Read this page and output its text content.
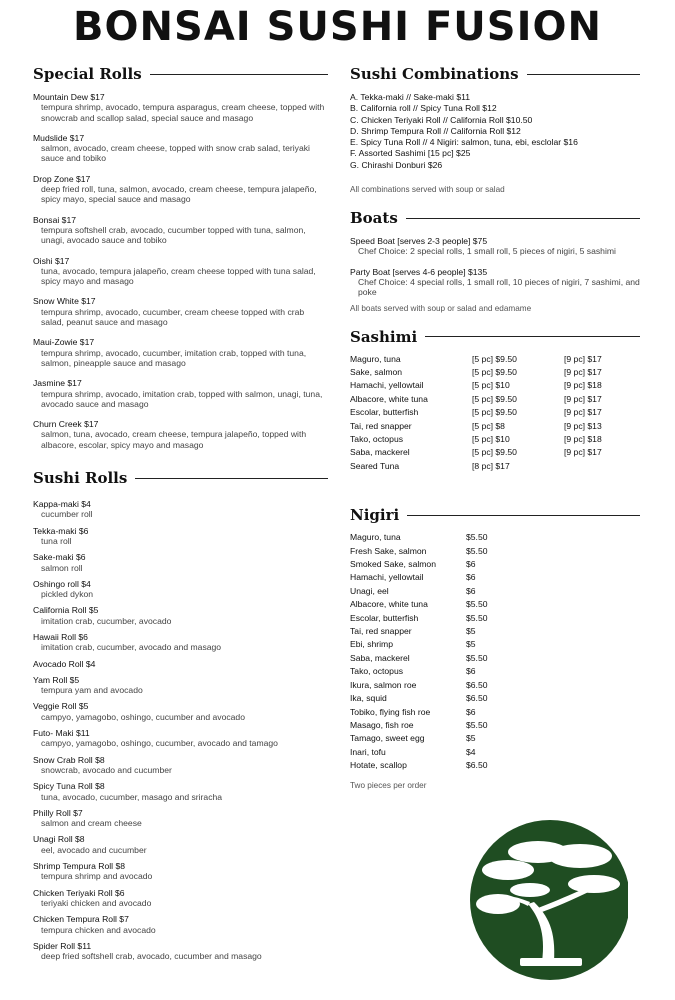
BONSAI SUSHI FUSION
Special Rolls
Mountain Dew $17
tempura shrimp, avocado, tempura asparagus, cream cheese, topped with snowcrab and scallop salad, special sauce and masago
Mudslide $17
salmon, avocado, cream cheese, topped with snow crab salad, teriyaki sauce and tobiko
Drop Zone $17
deep fried roll, tuna, salmon, avocado, cream cheese, tempura jalapeño, spicy mayo, special sauce and masago
Bonsai $17
tempura softshell crab, avocado, cucumber topped with tuna, salmon, unagi, avocado sauce and tobiko
Oishi $17
tuna, avocado, tempura jalapeño, cream cheese topped with tuna salad, spicy mayo and masago
Snow White $17
tempura shrimp, avocado, cucumber, cream cheese topped with crab salad, peanut sauce and masago
Maui-Zowie $17
tempura shrimp, avocado, cucumber, imitation crab, topped with tuna, salmon, pineapple sauce and masago
Jasmine $17
tempura shrimp, avocado, imitation crab, topped with salmon, unagi, tuna, avocado sauce and masago
Churn Creek $17
salmon, tuna, avocado, cream cheese, tempura jalapeño, topped with albacore, escolar, spicy mayo and masago
Sushi Rolls
Kappa-maki $4
cucumber roll
Tekka-maki $6
tuna roll
Sake-maki $6
salmon roll
Oshingo roll $4
pickled dykon
California Roll $5
imitation crab, cucumber, avocado
Hawaii Roll $6
imitation crab, cucumber, avocado and masago
Avocado Roll $4
Yam Roll $5
tempura yam and avocado
Veggie Roll $5
campyo, yamagobo, oshingo, cucumber and avocado
Futo- Maki $11
campyo, yamagobo, oshingo, cucumber, avocado and tamago
Snow Crab Roll $8
snowcrab, avocado and cucumber
Spicy Tuna Roll $8
tuna, avocado, cucumber, masago and sriracha
Philly Roll $7
salmon and cream cheese
Unagi Roll $8
eel, avocado and cucumber
Shrimp Tempura Roll $8
tempura shrimp and avocado
Chicken Teriyaki Roll $6
teriyaki chicken and avocado
Chicken Tempura Roll $7
tempura chicken and avocado
Spider Roll $11
deep fried softshell crab, avocado, cucumber and masago
Sushi Combinations
A. Tekka-maki // Sake-maki $11
B. California roll // Spicy Tuna Roll $12
C. Chicken Teriyaki Roll // California Roll $10.50
D. Shrimp Tempura Roll // California Roll $12
E. Spicy Tuna Roll // 4 Nigiri: salmon, tuna, ebi, esclolar $16
F. Assorted Sashimi [15 pc] $25
G. Chirashi Donburi $26
All combinations served with soup or salad
Boats
Speed Boat [serves 2-3 people] $75
Chef Choice: 2 special rolls, 1 small roll, 5 pieces of nigiri, 5 sashimi
Party Boat [serves 4-6 people] $135
Chef Choice: 4 special rolls, 1 small roll, 10 pieces of nigiri, 7 sashimi, and poke
All boats served with soup or salad and edamame
Sashimi
Maguro, tuna	[5 pc] $9.50	[9 pc] $17
Sake, salmon	[5 pc] $9.50	[9 pc] $17
Hamachi, yellowtail	[5 pc] $10	[9 pc] $18
Albacore, white tuna	[5 pc] $9.50	[9 pc] $17
Escolar, butterfish	[5 pc] $9.50	[9 pc] $17
Tai, red snapper	[5 pc] $8	[9 pc] $13
Tako, octopus	[5 pc] $10	[9 pc] $18
Saba, mackerel	[5 pc] $9.50	[9 pc] $17
Seared Tuna	[8 pc] $17
Nigiri
Maguro, tuna	$5.50
Fresh Sake, salmon	$5.50
Smoked Sake, salmon	$6
Hamachi, yellowtail	$6
Unagi, eel	$6
Albacore, white tuna	$5.50
Escolar, butterfish	$5.50
Tai, red snapper	$5
Ebi, shrimp	$5
Saba, mackerel	$5.50
Tako, octopus	$6
Ikura, salmon roe	$6.50
Ika, squid	$6.50
Tobiko, flying fish roe	$6
Masago, fish roe	$5.50
Tamago, sweet egg	$5
Inari, tofu	$4
Hotate, scallop	$6.50
Two pieces per order
